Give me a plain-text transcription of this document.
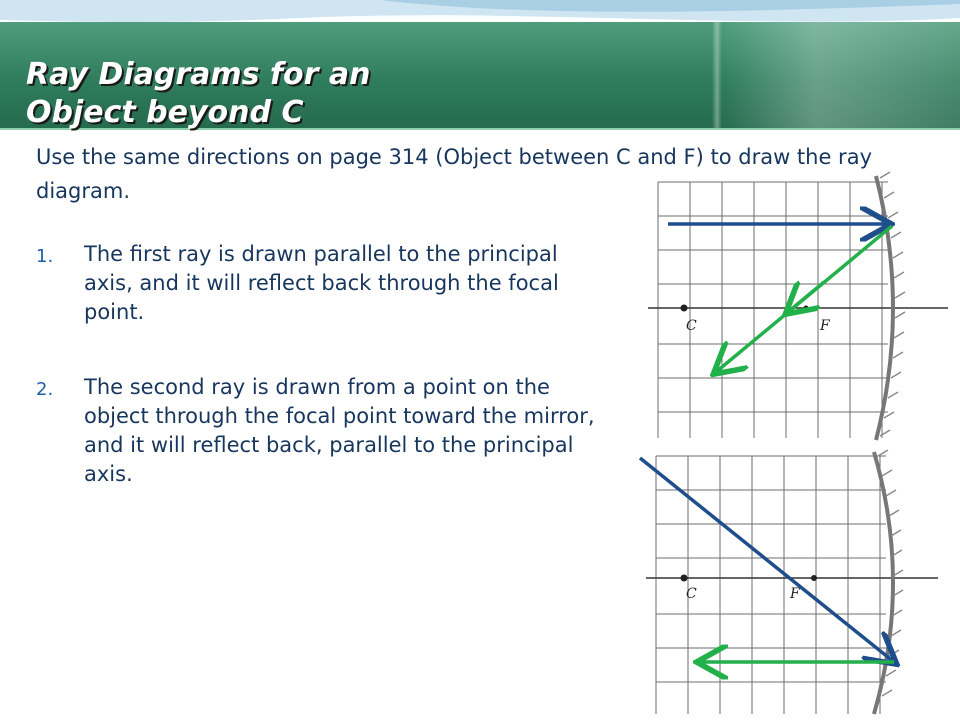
Ray Diagrams for an
Object beyond C

Use the same directions on page 314 (Object between C and F) to draw the ray diagram.

1. The first ray is drawn parallel to the principal axis, and it will reflect back through the focal point.
2. The second ray is drawn from a point on the object through the focal point toward the mirror, and it will reflect back, parallel to the principal axis.
C	F
C	F
